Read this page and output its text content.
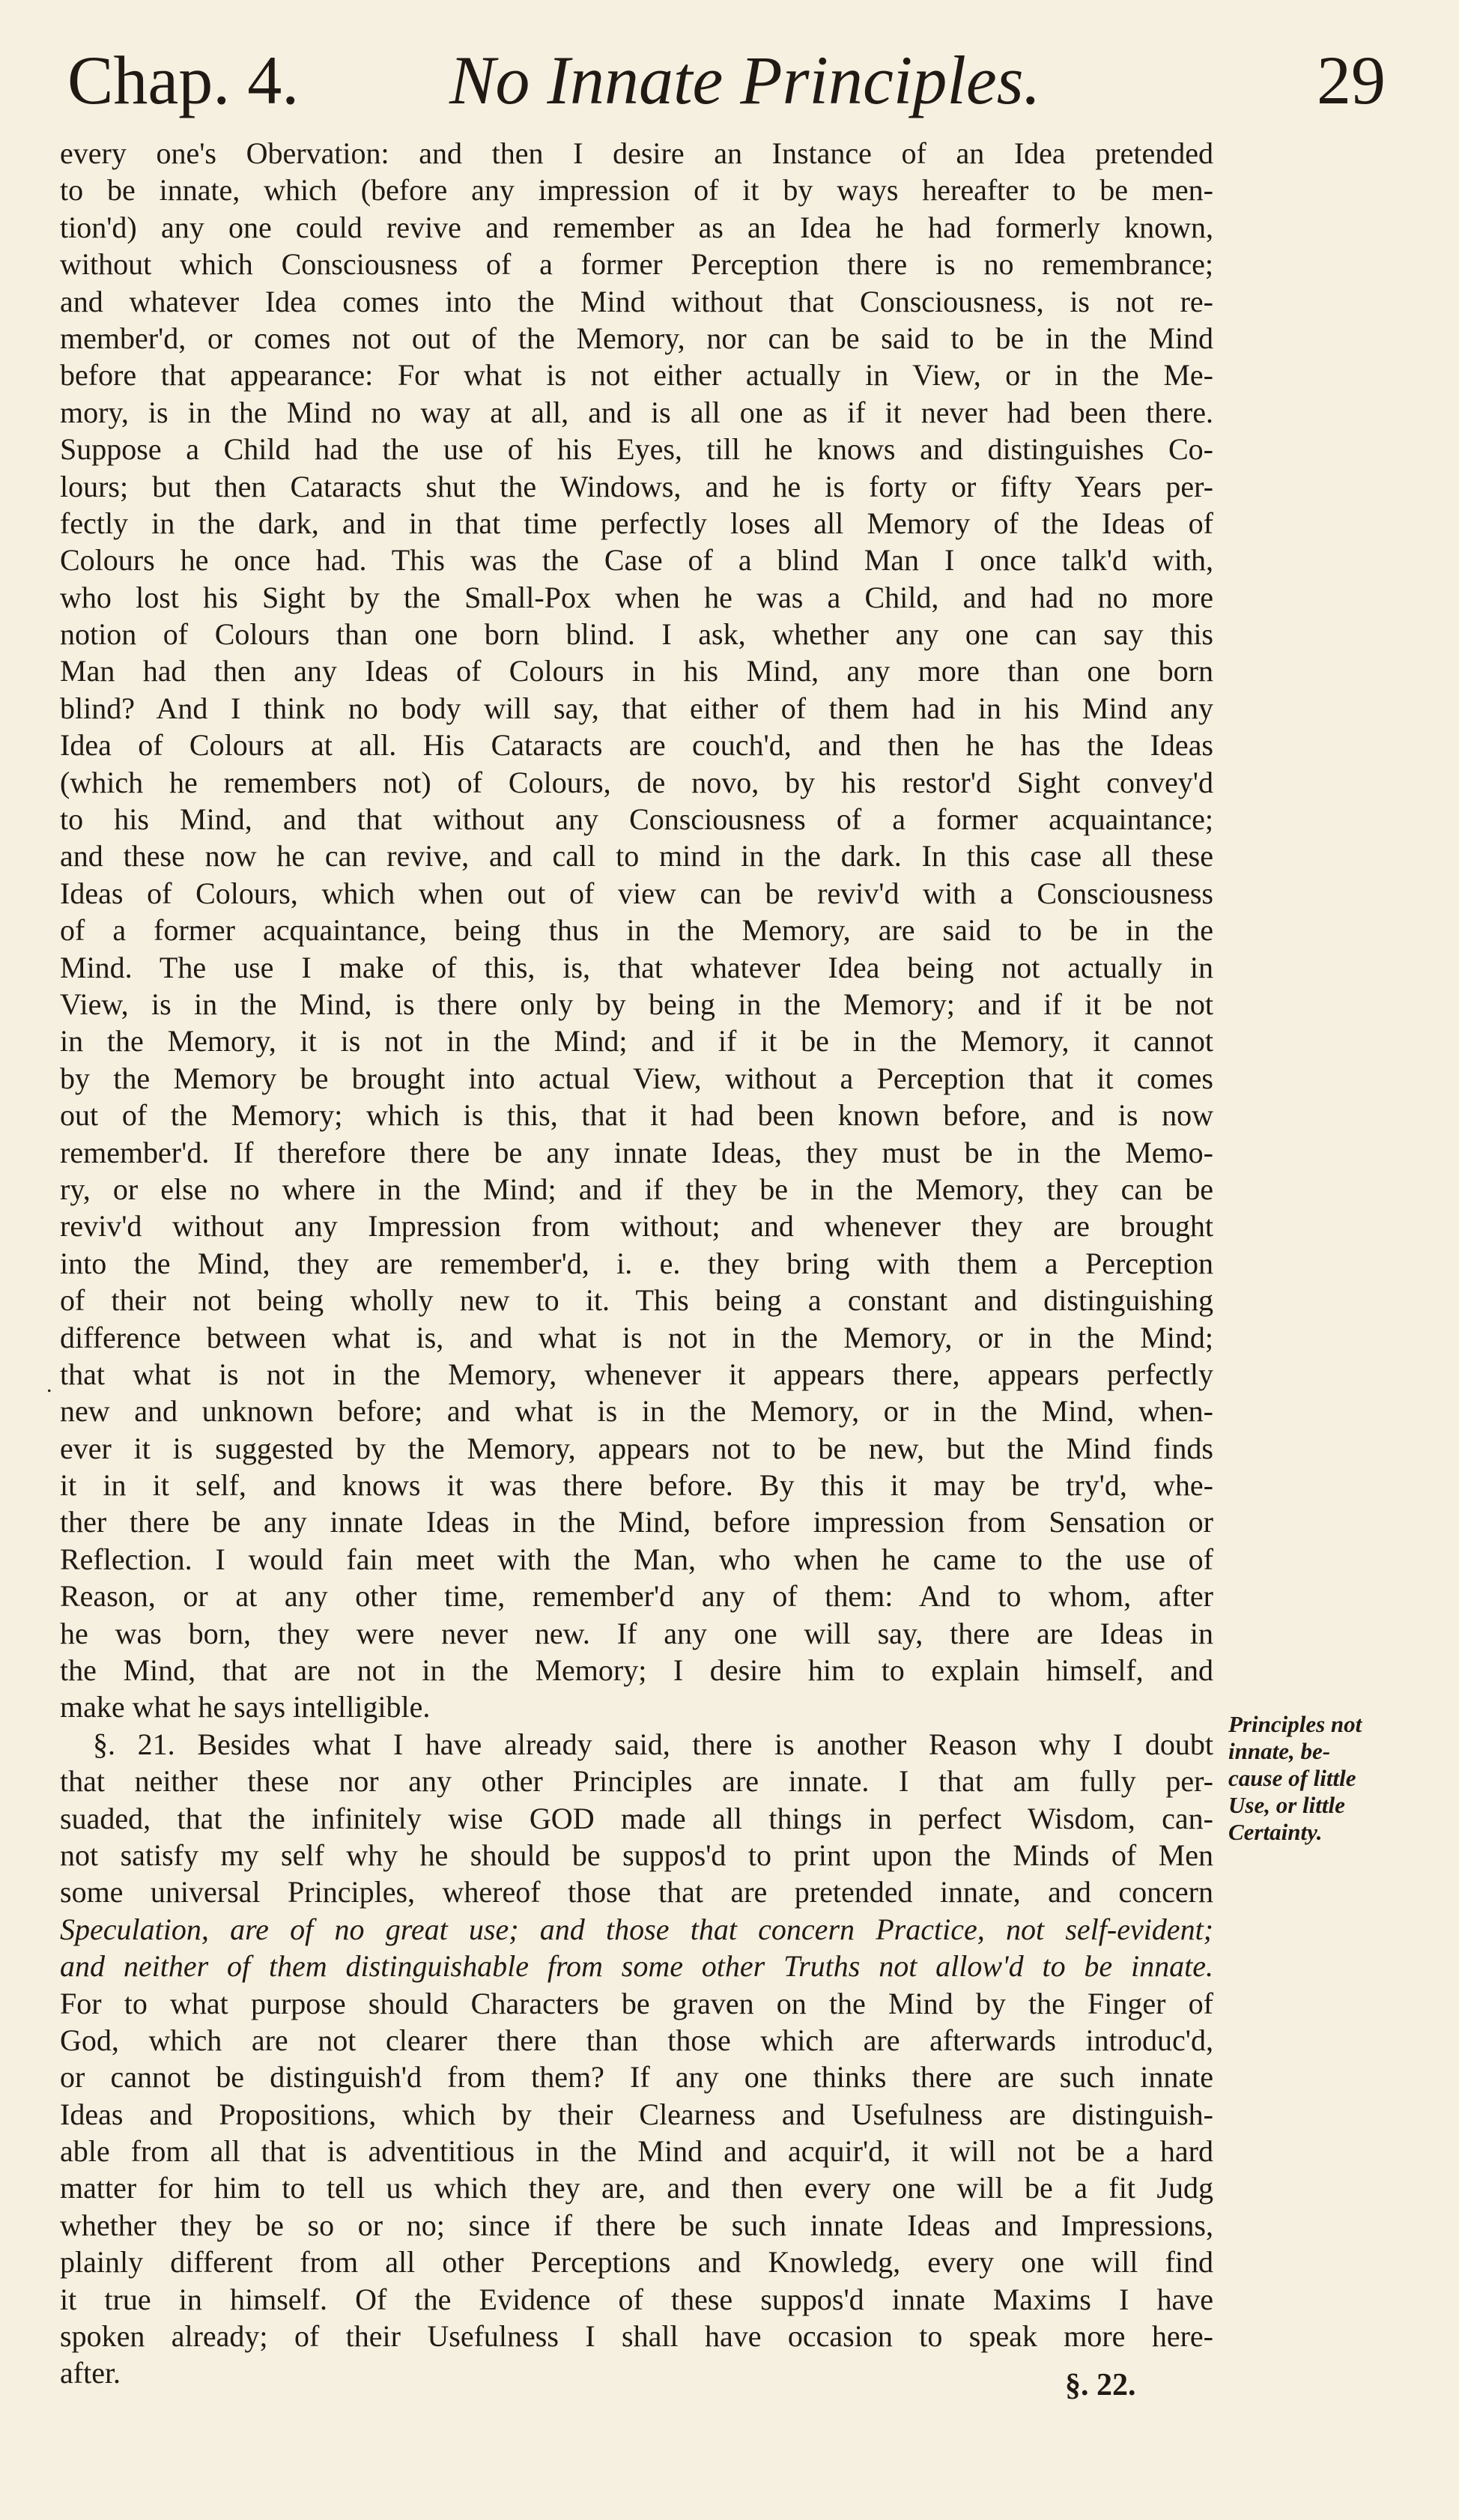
Chap. 4. No Innate Principles.	29
every one's Obervation: and then I desire an Instance of an Idea pretended
to be innate, which (before any impression of it by ways hereafter to be men-
tion'd) any one could revive and remember as an Idea he had formerly known,
without which Consciousness of a former Perception there is no remembrance;
and whatever Idea comes into the Mind without that Consciousness, is not re-
member'd, or comes not out of the Memory, nor can be said to be in the Mind
before that appearance: For what is not either actually in View, or in the Me-
mory, is in the Mind no way at all, and is all one as if it never had been there.
Suppose a Child had the use of his Eyes, till he knows and distinguishes Co-
lours; but then Cataracts shut the Windows, and he is forty or fifty Years per-
fectly in the dark, and in that time perfectly loses all Memory of the Ideas of
Colours he once had. This was the Case of a blind Man I once talk'd with,
who lost his Sight by the Small-Pox when he was a Child, and had no more
notion of Colours than one born blind. I ask, whether any one can say this
Man had then any Ideas of Colours in his Mind, any more than one born
blind? And I think no body will say, that either of them had in his Mind any
Idea of Colours at all. His Cataracts are couch'd, and then he has the Ideas
(which he remembers not) of Colours, de novo, by his restor'd Sight convey'd
to his Mind, and that without any Consciousness of a former acquaintance;
and these now he can revive, and call to mind in the dark. In this case all these
Ideas of Colours, which when out of view can be reviv'd with a Consciousness
of a former acquaintance, being thus in the Memory, are said to be in the
Mind. The use I make of this, is, that whatever Idea being not actually in
View, is in the Mind, is there only by being in the Memory; and if it be not
in the Memory, it is not in the Mind; and if it be in the Memory, it cannot
by the Memory be brought into actual View, without a Perception that it comes
out of the Memory; which is this, that it had been known before, and is now
remember'd. If therefore there be any innate Ideas, they must be in the Memo-
ry, or else no where in the Mind; and if they be in the Memory, they can be
reviv'd without any Impression from without; and whenever they are brought
into the Mind, they are remember'd, i. e. they bring with them a Perception
of their not being wholly new to it. This being a constant and distinguishing
difference between what is, and what is not in the Memory, or in the Mind;
that what is not in the Memory, whenever it appears there, appears perfectly
new and unknown before; and what is in the Memory, or in the Mind, when-
ever it is suggested by the Memory, appears not to be new, but the Mind finds
it in it self, and knows it was there before. By this it may be try'd, whe-
ther there be any innate Ideas in the Mind, before impression from Sensation or
Reflection. I would fain meet with the Man, who when he came to the use of
Reason, or at any other time, remember'd any of them: And to whom, after
he was born, they were never new. If any one will say, there are Ideas in
the Mind, that are not in the Memory; I desire him to explain himself, and
make what he says intelligible.
§. 21. Besides what I have already said, there is another Reason why I doubt
that neither these nor any other Principles are innate. I that am fully per-
suaded, that the infinitely wise GOD made all things in perfect Wisdom, can-
not satisfy my self why he should be suppos'd to print upon the Minds of Men
some universal Principles, whereof those that are pretended innate, and concern
Speculation, are of no great use; and those that concern Practice, not self-evident;
and neither of them distinguishable from some other Truths not allow'd to be innate.
For to what purpose should Characters be graven on the Mind by the Finger of
God, which are not clearer there than those which are afterwards introduc'd,
or cannot be distinguish'd from them? If any one thinks there are such innate
Ideas and Propositions, which by their Clearness and Usefulness are distinguish-
able from all that is adventitious in the Mind and acquir'd, it will not be a hard
matter for him to tell us which they are, and then every one will be a fit Judg
whether they be so or no; since if there be such innate Ideas and Impressions,
plainly different from all other Perceptions and Knowledg, every one will find
it true in himself. Of the Evidence of these suppos'd innate Maxims I have
spoken already; of their Usefulness I shall have occasion to speak more here-
after.
.
Principles not
innate, be-
cause of little
Use, or little
Certainty.
§. 22.
